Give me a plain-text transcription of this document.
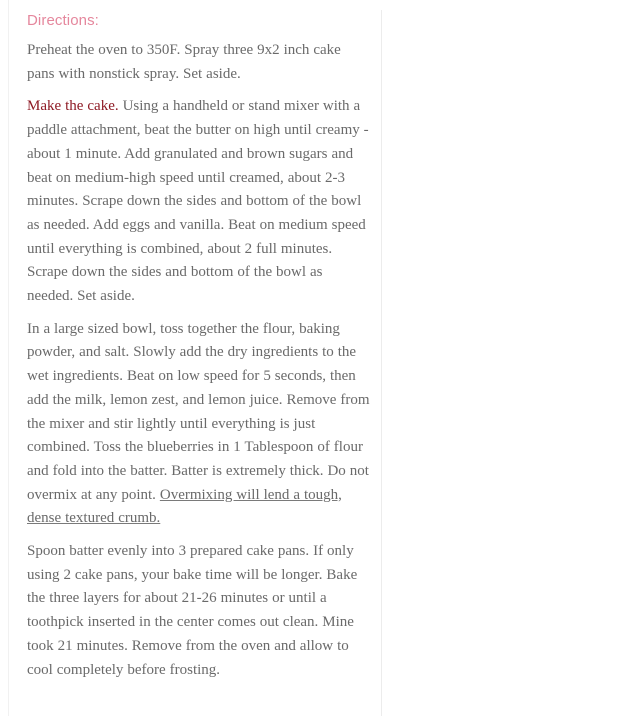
Directions:

Preheat the oven to 350F. Spray three 9x2 inch cake pans with nonstick spray. Set aside.

Make the cake. Using a handheld or stand mixer with a paddle attachment, beat the butter on high until creamy - about 1 minute. Add granulated and brown sugars and beat on medium-high speed until creamed, about 2-3 minutes. Scrape down the sides and bottom of the bowl as needed. Add eggs and vanilla. Beat on medium speed until everything is combined, about 2 full minutes. Scrape down the sides and bottom of the bowl as needed. Set aside.

In a large sized bowl, toss together the flour, baking powder, and salt. Slowly add the dry ingredients to the wet ingredients. Beat on low speed for 5 seconds, then add the milk, lemon zest, and lemon juice. Remove from the mixer and stir lightly until everything is just combined. Toss the blueberries in 1 Tablespoon of flour and fold into the batter. Batter is extremely thick. Do not overmix at any point. Overmixing will lend a tough, dense textured crumb.

Spoon batter evenly into 3 prepared cake pans. If only using 2 cake pans, your bake time will be longer. Bake the three layers for about 21-26 minutes or until a toothpick inserted in the center comes out clean. Mine took 21 minutes. Remove from the oven and allow to cool completely before frosting.
